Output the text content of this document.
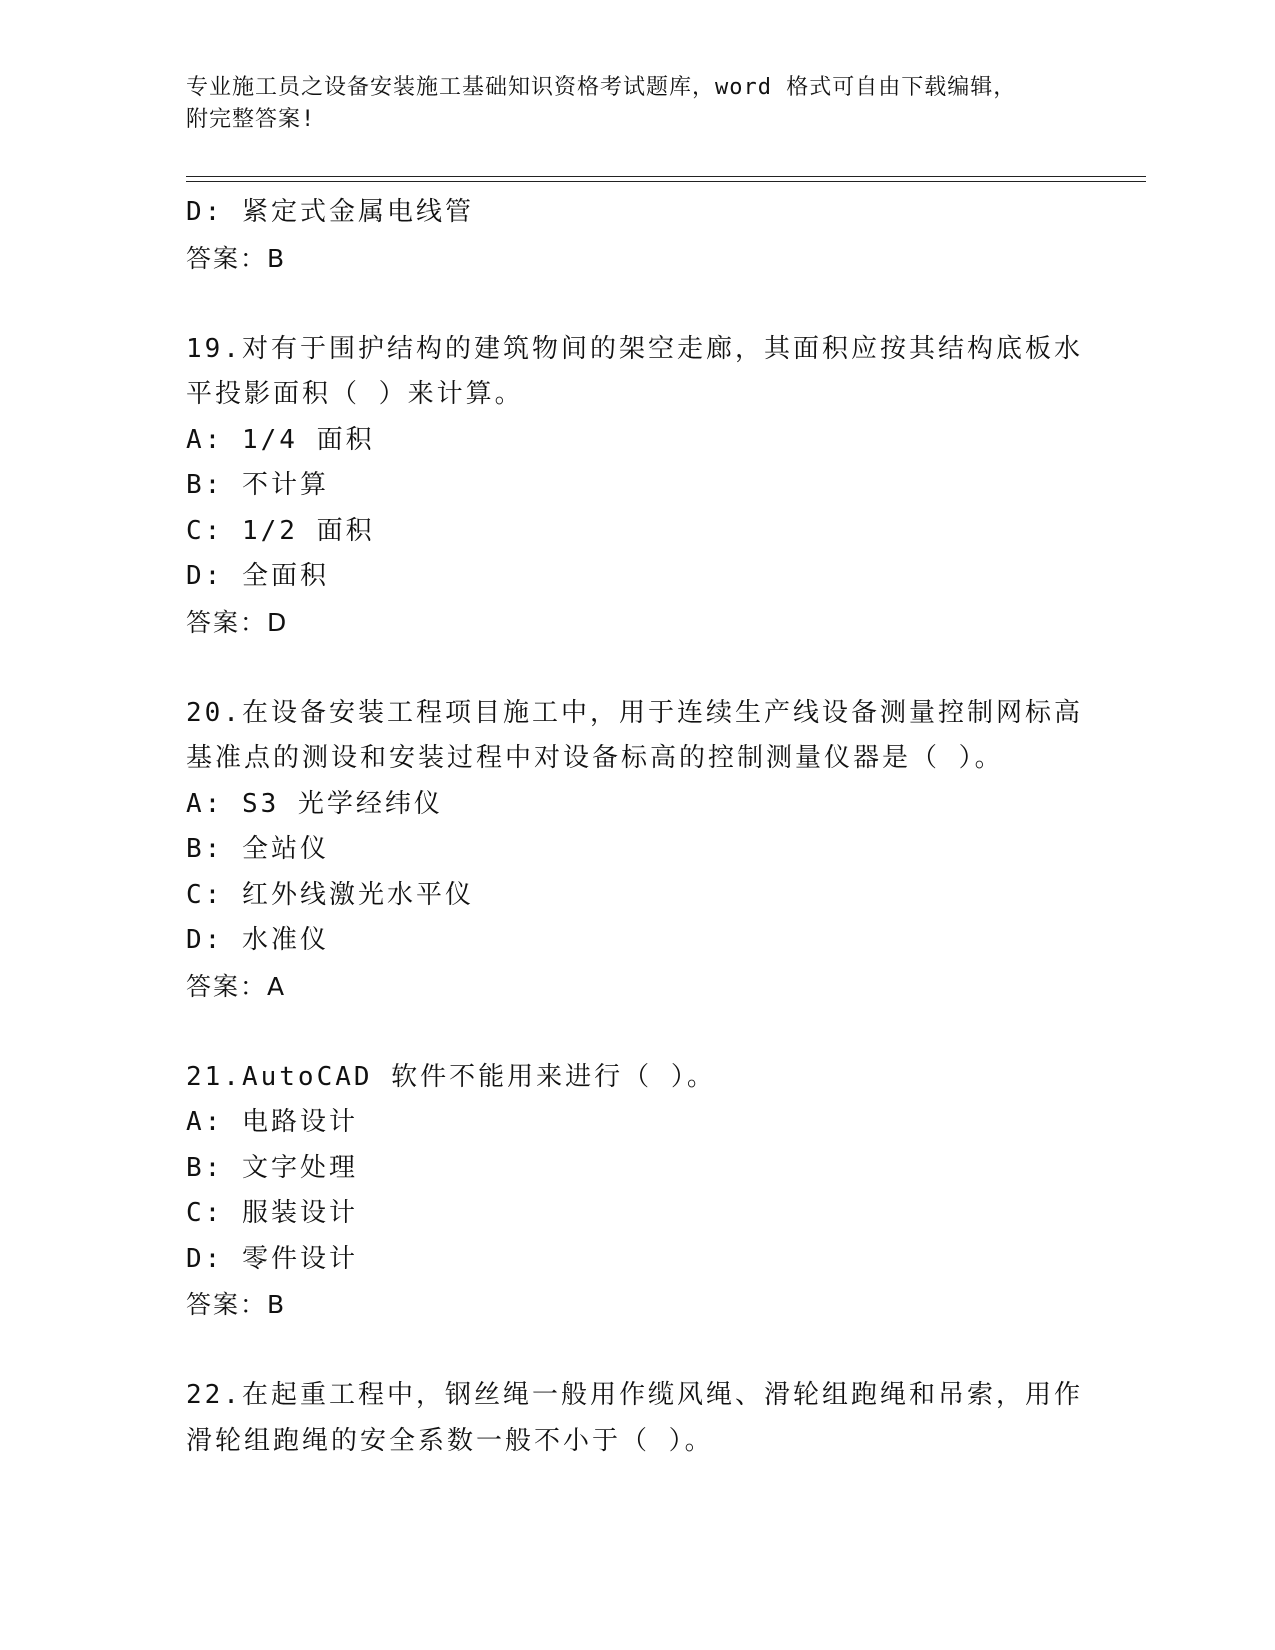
专业施工员之设备安装施工基础知识资格考试题库，word 格式可自由下载编辑，
附完整答案!
D: 紧定式金属电线管
答案：B
19.对有于围护结构的建筑物间的架空走廊，其面积应按其结构底板水
平投影面积（ ）来计算。
A: 1/4 面积
B: 不计算
C: 1/2 面积
D: 全面积
答案：D
20.在设备安装工程项目施工中，用于连续生产线设备测量控制网标高
基准点的测设和安装过程中对设备标高的控制测量仪器是（ ）。
A: S3 光学经纬仪
B: 全站仪
C: 红外线激光水平仪
D: 水准仪
答案：A
21.AutoCAD 软件不能用来进行（ ）。
A: 电路设计
B: 文字处理
C: 服装设计
D: 零件设计
答案：B
22.在起重工程中，钢丝绳一般用作缆风绳、滑轮组跑绳和吊索，用作
滑轮组跑绳的安全系数一般不小于（ ）。
